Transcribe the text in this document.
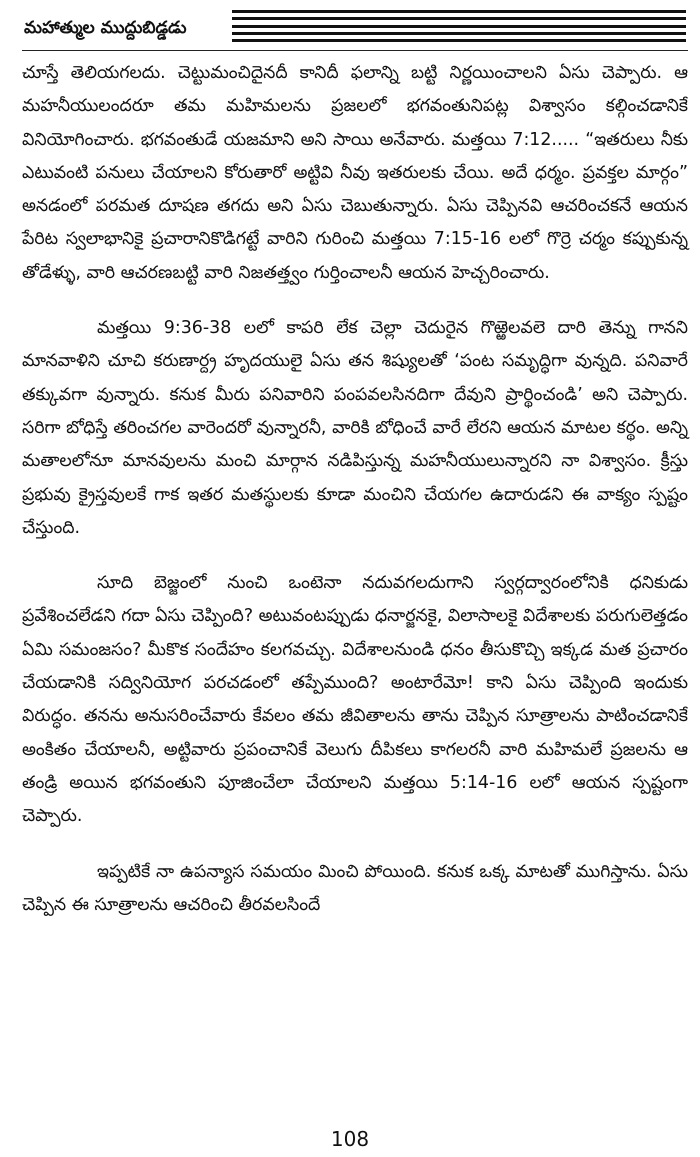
మహాత్ముల ముద్దుబిడ్డడు

చూస్తే తెలియగలదు. చెట్టుమంచిదైనదీ కానిదీ ఫలాన్ని బట్టి నిర్ణయించాలని ఏసు చెప్పారు. ఆ మహనీయులందరూ తమ మహిమలను ప్రజలలో భగవంతునిపట్ల విశ్వాసం కల్గించడానికే వినియోగించారు. భగవంతుడే యజమాని అని సాయి అనేవారు. మత్తయి 7:12..... “ఇతరులు నీకు ఎటువంటి పనులు చేయాలని కోరుతారో అట్టివి నీవు ఇతరులకు చేయి. అదే ధర్మం. ప్రవక్తల మార్గం” అనడంలో పరమత దూషణ తగదు అని ఏసు చెబుతున్నారు. ఏసు చెప్పినవి ఆచరించకనే ఆయన పేరిట స్వలాభానికై ప్రచారానికొడిగట్టే వారిని గురించి మత్తయి 7:15-16 లలో గొర్రె చర్మం కప్పుకున్న తోడేళ్ళు, వారి ఆచరణబట్టి వారి నిజతత్త్వం గుర్తించాలనీ ఆయన హెచ్చరించారు.

మత్తయి 9:36-38 లలో కాపరి లేక చెల్లా చెదురైన గొఱ్ఱెలవలె దారి తెన్ను గానని మానవాళిని చూచి కరుణార్ద్ర హృదయులై ఏసు తన శిష్యులతో ‘పంట సమృద్ధిగా వున్నది. పనివారే తక్కువగా వున్నారు. కనుక మీరు పనివారిని పంపవలసినదిగా దేవుని ప్రార్థించండి’ అని చెప్పారు. సరిగా బోధిస్తే తరించగల వారెందరో వున్నారనీ, వారికి బోధించే వారే లేరని ఆయన మాటల కర్థం. అన్ని మతాలలోనూ మానవులను మంచి మార్గాన నడిపిస్తున్న మహనీయులున్నారని నా విశ్వాసం. క్రీస్తు ప్రభువు క్రైస్తవులకే గాక ఇతర మతస్థులకు కూడా మంచిని చేయగల ఉదారుడని ఈ వాక్యం స్పష్టం చేస్తుంది.

సూది బెజ్జంలో నుంచి ఒంటెనా నదువగలదుగాని స్వర్గద్వారంలోనికి ధనికుడు ప్రవేశించలేడని గదా ఏసు చెప్పింది? అటువంటప్పుడు ధనార్జనకై, విలాసాలకై విదేశాలకు పరుగులెత్తడం ఏమి సమంజసం? మీకొక సందేహం కలగవచ్చు. విదేశాలనుండి ధనం తీసుకొచ్చి ఇక్కడ మత ప్రచారం చేయడానికి సద్వినియోగ పరచడంలో తప్పేముంది? అంటారేమో! కాని ఏసు చెప్పింది ఇందుకు విరుద్ధం. తనను అనుసరించేవారు కేవలం తమ జీవితాలను తాను చెప్పిన సూత్రాలను పాటించడానికే అంకితం చేయాలనీ, అట్టివారు ప్రపంచానికే వెలుగు దీపికలు కాగలరనీ వారి మహిమలే ప్రజలను ఆ తండ్రి అయిన భగవంతుని పూజించేలా చేయాలని మత్తయి 5:14-16 లలో ఆయన స్పష్టంగా చెప్పారు.

ఇప్పటికే నా ఉపన్యాస సమయం మించి పోయింది. కనుక ఒక్క మాటతో ముగిస్తాను. ఏసు చెప్పిన ఈ సూత్రాలను ఆచరించి తీరవలసిందే

108
